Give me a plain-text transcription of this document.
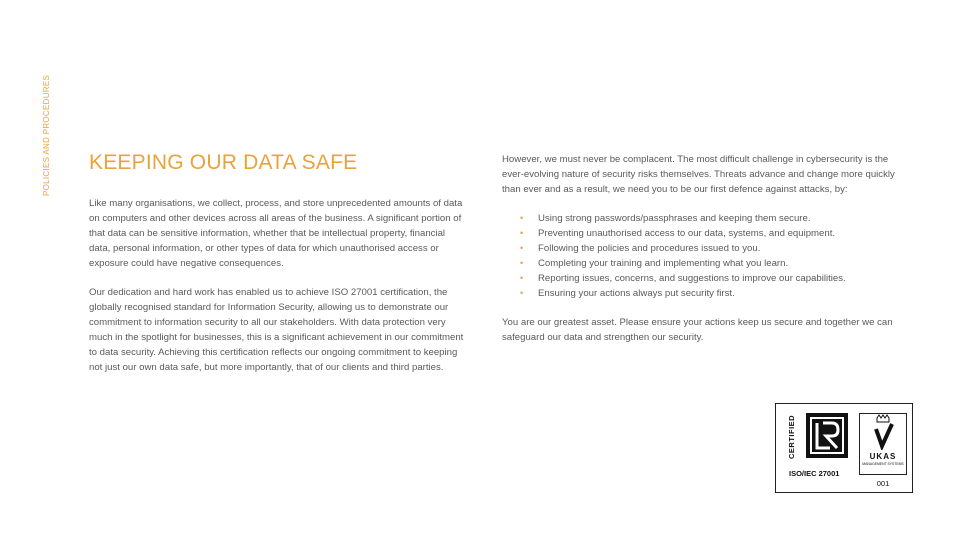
POLICIES AND PROCEDURES KEEPING OUR DATA SAFE

Like many organisations, we collect, process, and store unprecedented amounts of data on computers and other devices across all areas of the business. A significant portion of that data can be sensitive information, whether that be intellectual property, financial data, personal information, or other types of data for which unauthorised access or exposure could have negative consequences.

Our dedication and hard work has enabled us to achieve ISO 27001 certification, the globally recognised standard for Information Security, allowing us to demonstrate our commitment to information security to all our stakeholders. With data protection very much in the spotlight for businesses, this is a significant achievement in our commitment to data security. Achieving this certification reflects our ongoing commitment to keeping not just our own data safe, but more importantly, that of our clients and third parties.

However, we must never be complacent. The most difficult challenge in cybersecurity is the ever-evolving nature of security risks themselves. Threats advance and change more quickly than ever and as a result, we need you to be our first defence against attacks, by:

• Using strong passwords/passphrases and keeping them secure.
• Preventing unauthorised access to our data, systems, and equipment.
• Following the policies and procedures issued to you.
• Completing your training and implementing what you learn.
• Reporting issues, concerns, and suggestions to improve our capabilities.
• Ensuring your actions always put security first.

You are our greatest asset. Please ensure your actions keep us secure and together we can safeguard our data and strengthen our security.

CERTIFIED
ISO/IEC 27001
UKAS
MANAGEMENT SYSTEMS
001
